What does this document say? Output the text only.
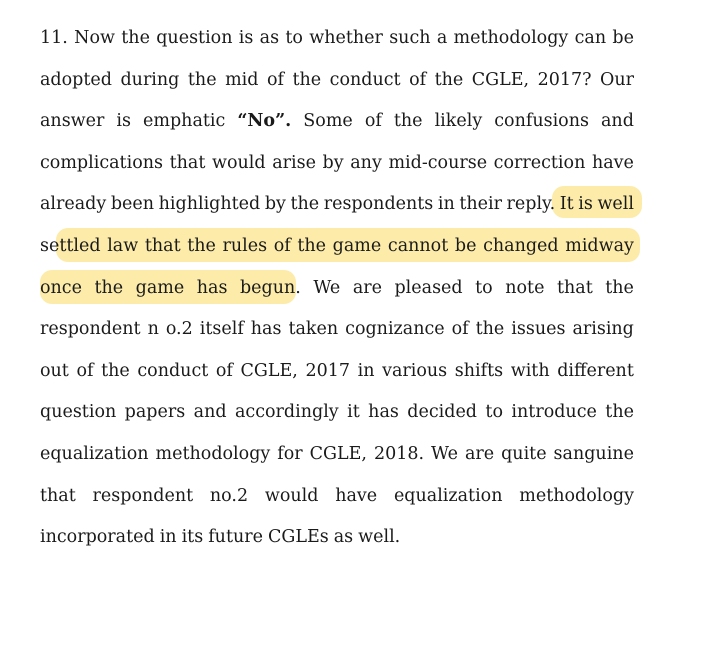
11. Now the question is as to whether such a methodology can be
adopted during the mid of the conduct of the CGLE, 2017? Our
answer is emphatic “No”. Some of the likely confusions and
complications that would arise by any mid-course correction have
already been highlighted by the respondents in their reply. It is well
settled law that the rules of the game cannot be changed midway
once the game has begun. We are pleased to note that the
respondent n o.2 itself has taken cognizance of the issues arising
out of the conduct of CGLE, 2017 in various shifts with different
question papers and accordingly it has decided to introduce the
equalization methodology for CGLE, 2018. We are quite sanguine
that respondent no.2 would have equalization methodology
incorporated in its future CGLEs as well.
